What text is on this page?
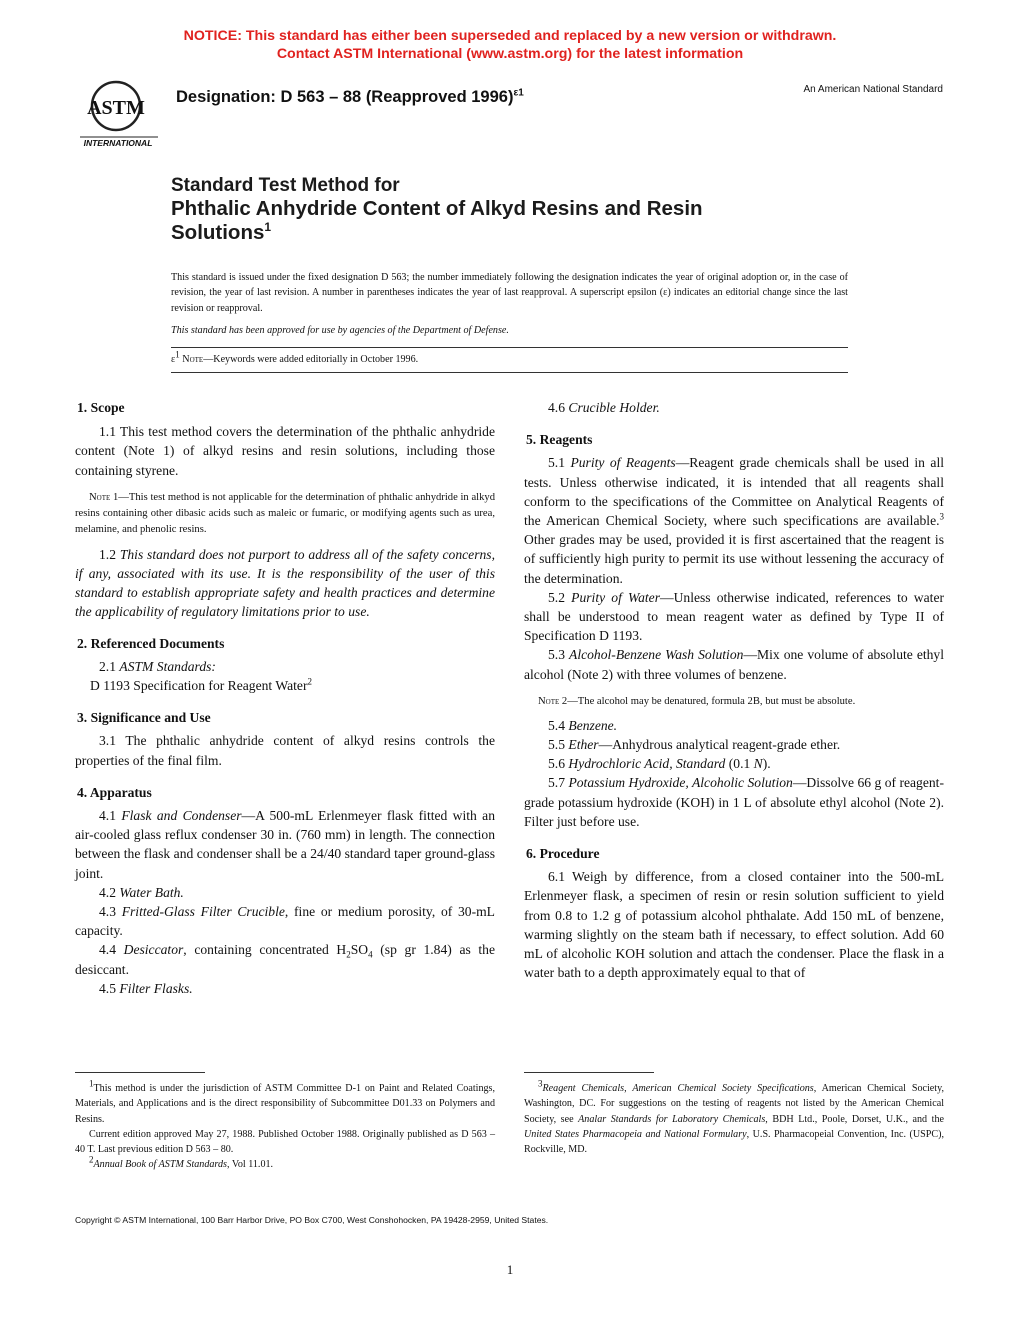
NOTICE: This standard has either been superseded and replaced by a new version or withdrawn.
Contact ASTM International (www.astm.org) for the latest information
ASTM
INTERNATIONAL
Designation: D 563 – 88 (Reapproved 1996)$^{\varepsilon 1}$	An American National Standard
Standard Test Method for
Phthalic Anhydride Content of Alkyd Resins and Resin
Solutions$^1$
This standard is issued under the fixed designation D 563; the number immediately following the designation indicates the year of original adoption or, in the case of revision, the year of last revision. A number in parentheses indicates the year of last reapproval. A superscript epsilon (ε) indicates an editorial change since the last revision or reapproval.
This standard has been approved for use by agencies of the Department of Defense.
$\varepsilon^1$ Note—Keywords were added editorially in October 1996.
1. Scope

1.1 This test method covers the determination of the phthalic anhydride content (Note 1) of alkyd resins and resin solutions, including those containing styrene.

Note 1—This test method is not applicable for the determination of phthalic anhydride in alkyd resins containing other dibasic acids such as maleic or fumaric, or modifying agents such as urea, melamine, and phenolic resins.

1.2 This standard does not purport to address all of the safety concerns, if any, associated with its use. It is the responsibility of the user of this standard to establish appropriate safety and health practices and determine the applicability of regulatory limitations prior to use.

2. Referenced Documents

2.1 ASTM Standards:

D 1193 Specification for Reagent Water$^2$

3. Significance and Use

3.1 The phthalic anhydride content of alkyd resins controls the properties of the final film.

4. Apparatus

4.1 Flask and Condenser—A 500-mL Erlenmeyer flask fitted with an air-cooled glass reflux condenser 30 in. (760 mm) in length. The connection between the flask and condenser shall be a 24/40 standard taper ground-glass joint.

4.2 Water Bath.

4.3 Fritted-Glass Filter Crucible, fine or medium porosity, of 30-mL capacity.

4.4 Desiccator, containing concentrated $H_2SO_4$ (sp gr 1.84) as the desiccant.

4.5 Filter Flasks.

4.6 Crucible Holder.

5. Reagents

5.1 Purity of Reagents—Reagent grade chemicals shall be used in all tests. Unless otherwise indicated, it is intended that all reagents shall conform to the specifications of the Committee on Analytical Reagents of the American Chemical Society, where such specifications are available.$^3$ Other grades may be used, provided it is first ascertained that the reagent is of sufficiently high purity to permit its use without lessening the accuracy of the determination.

5.2 Purity of Water—Unless otherwise indicated, references to water shall be understood to mean reagent water as defined by Type II of Specification D 1193.

5.3 Alcohol-Benzene Wash Solution—Mix one volume of absolute ethyl alcohol (Note 2) with three volumes of benzene.

Note 2—The alcohol may be denatured, formula 2B, but must be absolute.

5.4 Benzene.

5.5 Ether—Anhydrous analytical reagent-grade ether.

5.6 Hydrochloric Acid, Standard (0.1 N).

5.7 Potassium Hydroxide, Alcoholic Solution—Dissolve 66 g of reagent-grade potassium hydroxide (KOH) in 1 L of absolute ethyl alcohol (Note 2). Filter just before use.

6. Procedure

6.1 Weigh by difference, from a closed container into the 500-mL Erlenmeyer flask, a specimen of resin or resin solution sufficient to yield from 0.8 to 1.2 g of potassium alcohol phthalate. Add 150 mL of benzene, warming slightly on the steam bath if necessary, to effect solution. Add 60 mL of alcoholic KOH solution and attach the condenser. Place the flask in a water bath to a depth approximately equal to that of

$^1$This method is under the jurisdiction of ASTM Committee D-1 on Paint and Related Coatings, Materials, and Applications and is the direct responsibility of Subcommittee D01.33 on Polymers and Resins.

Current edition approved May 27, 1988. Published October 1988. Originally published as D 563 – 40 T. Last previous edition D 563 – 80.

$^2$Annual Book of ASTM Standards, Vol 11.01.

$^3$Reagent Chemicals, American Chemical Society Specifications, American Chemical Society, Washington, DC. For suggestions on the testing of reagents not listed by the American Chemical Society, see Analar Standards for Laboratory Chemicals, BDH Ltd., Poole, Dorset, U.K., and the United States Pharmacopeia and National Formulary, U.S. Pharmacopeial Convention, Inc. (USPC), Rockville, MD.

Copyright © ASTM International, 100 Barr Harbor Drive, PO Box C700, West Conshohocken, PA 19428-2959, United States.
1
